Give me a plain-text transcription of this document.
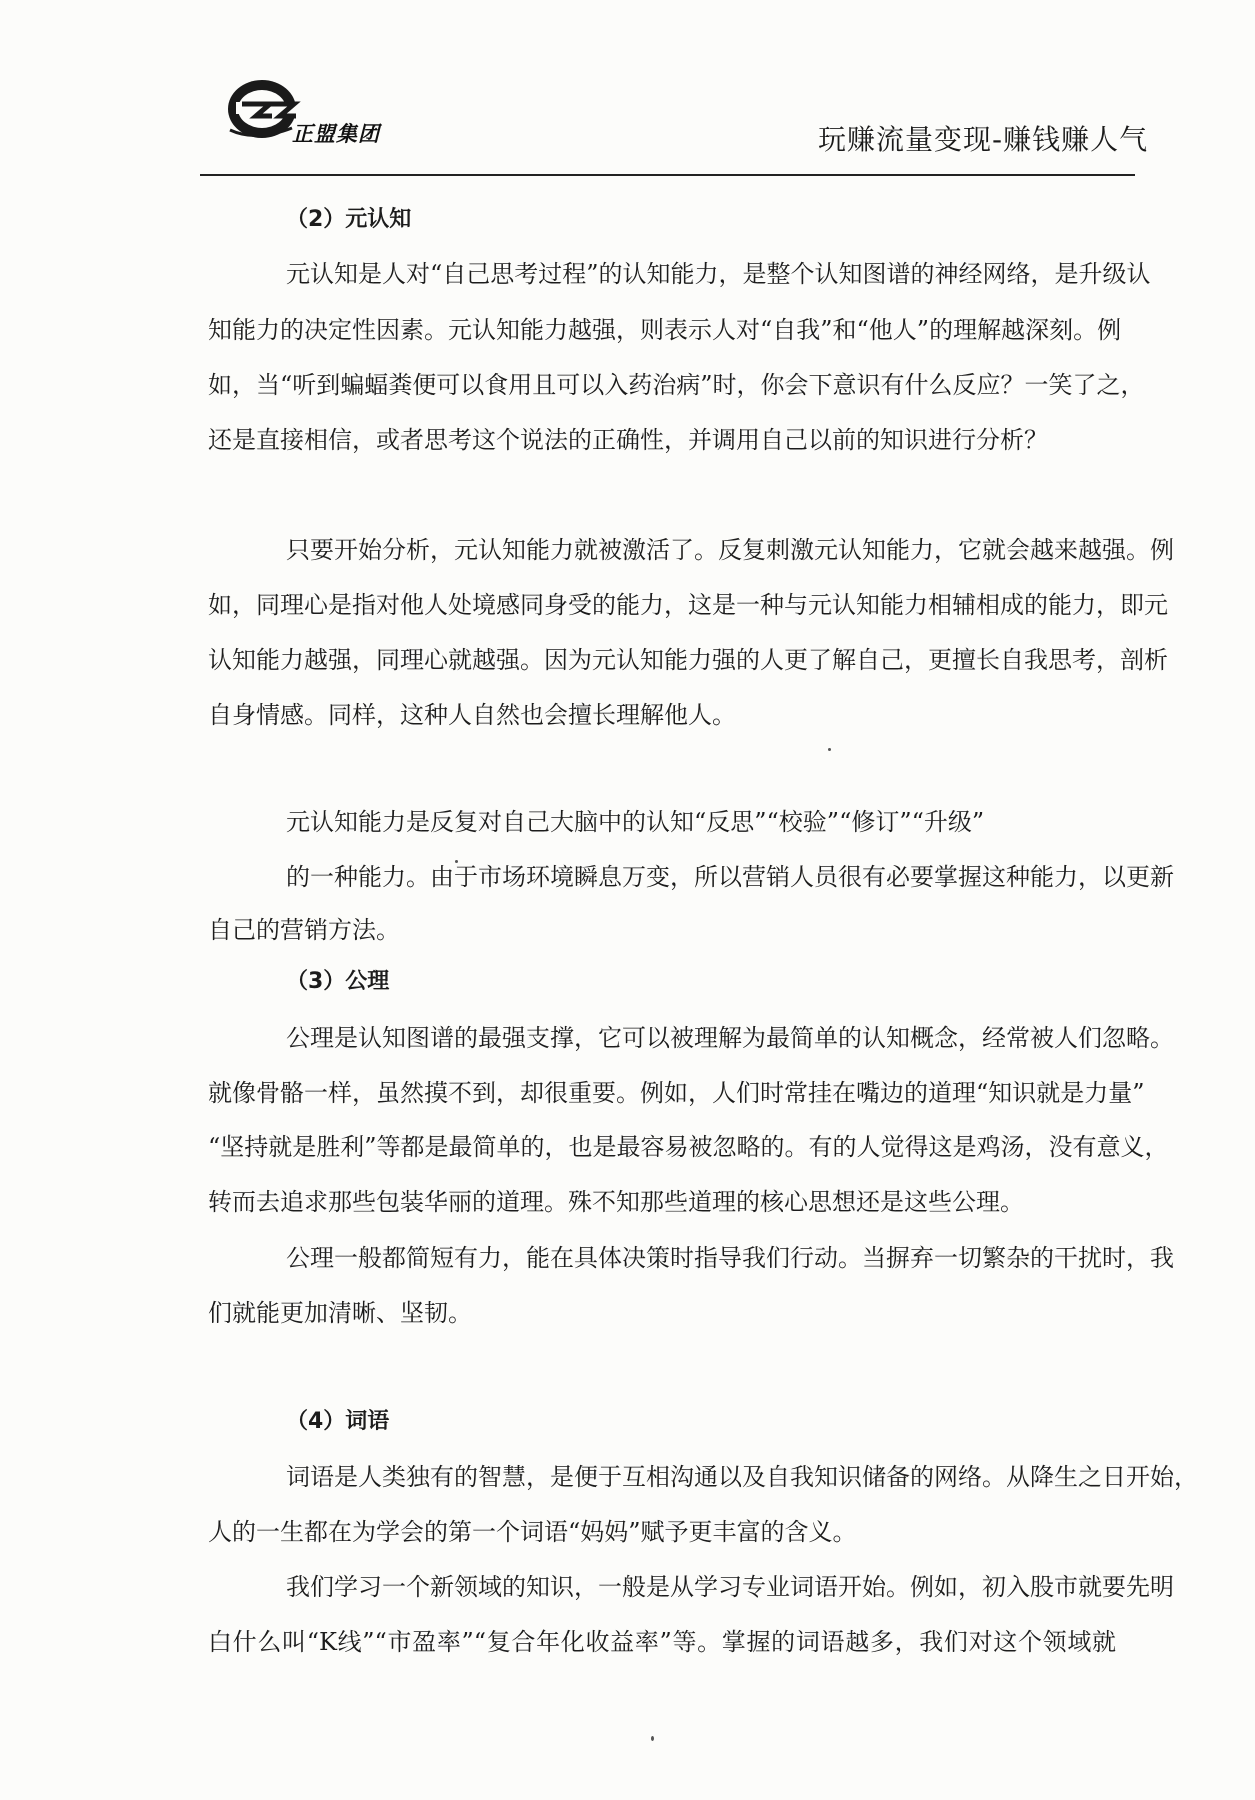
正盟集团	玩赚流量变现-赚钱赚人气
（2）元认知
元认知是人对“自己思考过程”的认知能力，是整个认知图谱的神经网络，是升级认
知能力的决定性因素。元认知能力越强，则表示人对“自我”和“他人”的理解越深刻。例
如，当“听到蝙蝠粪便可以食用且可以入药治病”时，你会下意识有什么反应？一笑了之，
还是直接相信，或者思考这个说法的正确性，并调用自己以前的知识进行分析？
只要开始分析，元认知能力就被激活了。反复刺激元认知能力，它就会越来越强。例
如，同理心是指对他人处境感同身受的能力，这是一种与元认知能力相辅相成的能力，即元
认知能力越强，同理心就越强。因为元认知能力强的人更了解自己，更擅长自我思考，剖析
自身情感。同样，这种人自然也会擅长理解他人。
元认知能力是反复对自己大脑中的认知“反思”“校验”“修订”“升级”
的一种能力。由于市场环境瞬息万变，所以营销人员很有必要掌握这种能力，以更新
自己的营销方法。
（3）公理
公理是认知图谱的最强支撑，它可以被理解为最简单的认知概念，经常被人们忽略。
就像骨骼一样，虽然摸不到，却很重要。例如，人们时常挂在嘴边的道理“知识就是力量”
“坚持就是胜利”等都是最简单的，也是最容易被忽略的。有的人觉得这是鸡汤，没有意义，
转而去追求那些包装华丽的道理。殊不知那些道理的核心思想还是这些公理。
公理一般都简短有力，能在具体决策时指导我们行动。当摒弃一切繁杂的干扰时，我
们就能更加清晰、坚韧。
（4）词语
词语是人类独有的智慧，是便于互相沟通以及自我知识储备的网络。从降生之日开始，
人的一生都在为学会的第一个词语“妈妈”赋予更丰富的含义。
我们学习一个新领域的知识，一般是从学习专业词语开始。例如，初入股市就要先明
白什么叫“K线”“市盈率”“复合年化收益率”等。掌握的词语越多，我们对这个领域就
